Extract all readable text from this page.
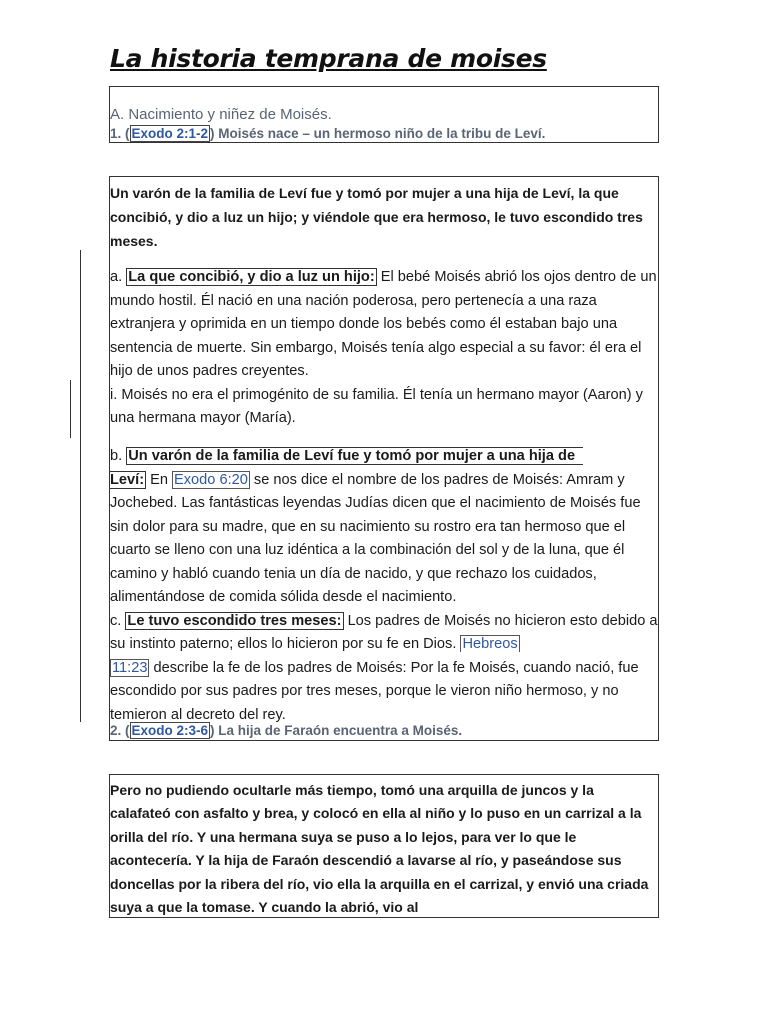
La historia temprana de moises

A. Nacimiento y niñez de Moisés.

1. ( Exodo 2:1-2 ) Moisés nace – un hermoso niño de la tribu de Leví.

Un varón de la familia de Leví fue y tomó por mujer a una hija de Leví, la que concibió, y dio a luz un hijo; y viéndole que era hermoso, le tuvo escondido tres meses.

a. La que concibió, y dio a luz un hijo: El bebé Moisés abrió los ojos dentro de un mundo hostil. Él nació en una nación poderosa, pero pertenecía a una raza extranjera y oprimida en un tiempo donde los bebés como él estaban bajo una sentencia de muerte. Sin embargo, Moisés tenía algo especial a su favor: él era el hijo de unos padres creyentes.
i. Moisés no era el primogénito de su familia. Él tenía un hermano mayor (Aaron) y una hermana mayor (María).

b. Un varón de la familia de Leví fue y tomó por mujer a una hija de
Leví: En Exodo 6:20 se nos dice el nombre de los padres de Moisés: Amram y Jochebed. Las fantásticas leyendas Judías dicen que el nacimiento de Moisés fue sin dolor para su madre, que en su nacimiento su rostro era tan hermoso que el cuarto se lleno con una luz idéntica a la combinación del sol y de la luna, que él camino y habló cuando tenia un día de nacido, y que rechazo los cuidados, alimentándose de comida sólida desde el nacimiento.
c. Le tuvo escondido tres meses: Los padres de Moisés no hicieron esto debido a su instinto paterno; ellos lo hicieron por su fe en Dios. Hebreos
11:23 describe la fe de los padres de Moisés: Por la fe Moisés, cuando nació, fue escondido por sus padres por tres meses, porque le vieron niño hermoso, y no temieron al decreto del rey.

2. ( Exodo 2:3-6 ) La hija de Faraón encuentra a Moisés.

Pero no pudiendo ocultarle más tiempo, tomó una arquilla de juncos y la calafateó con asfalto y brea, y colocó en ella al niño y lo puso en un carrizal a la orilla del río. Y una hermana suya se puso a lo lejos, para ver lo que le acontecería. Y la hija de Faraón descendió a lavarse al río, y paseándose sus doncellas por la ribera del río, vio ella la arquilla en el carrizal, y envió una criada suya a que la tomase. Y cuando la abrió, vio al
